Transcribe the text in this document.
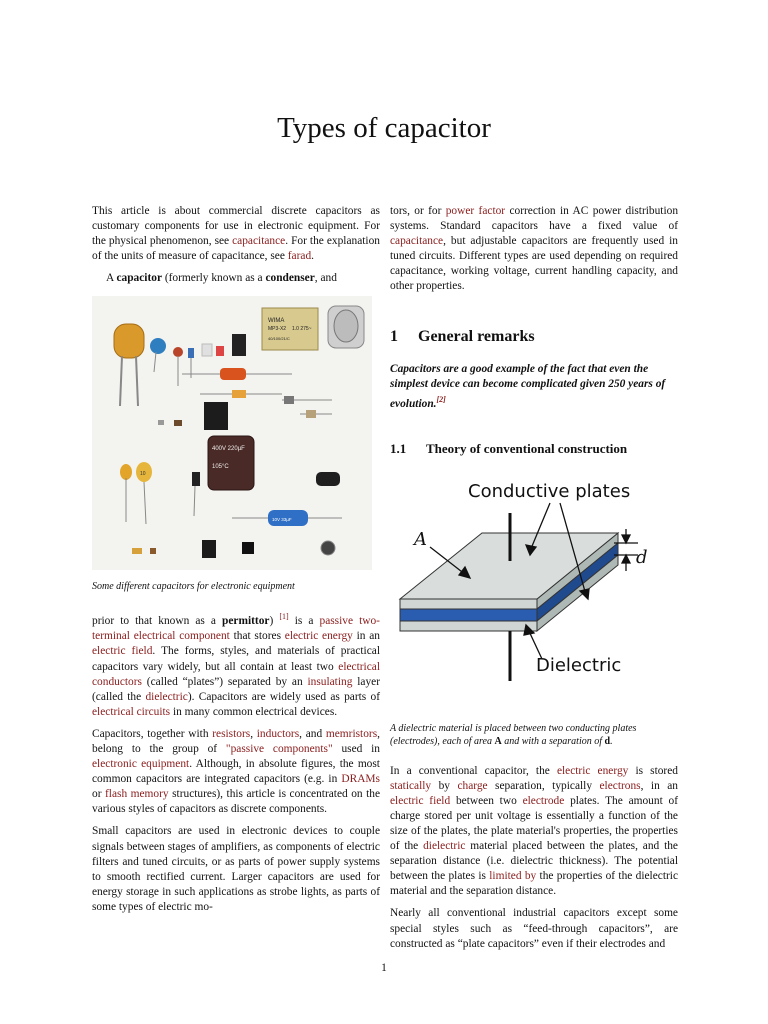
Types of capacitor

This article is about commercial discrete capacitors as customary components for use in electronic equipment. For the physical phenomenon, see capacitance. For the explanation of the units of measure of capacitance, see farad.

A capacitor (formerly known as a condenser, and

WIMA
MP3-X2 1.0 275~
40/100/21/C
400V 220µF
105°C
10
10V 33µF
Some different capacitors for electronic equipment

prior to that known as a permittor) [1] is a passive two-terminal electrical component that stores electric energy in an electric field. The forms, styles, and materials of practical capacitors vary widely, but all contain at least two electrical conductors (called “plates”) separated by an insulating layer (called the dielectric). Capacitors are widely used as parts of electrical circuits in many common electrical devices.

Capacitors, together with resistors, inductors, and memristors, belong to the group of "passive components" used in electronic equipment. Although, in absolute figures, the most common capacitors are integrated capacitors (e.g. in DRAMs or flash memory structures), this article is concentrated on the various styles of capacitors as discrete components.

Small capacitors are used in electronic devices to couple signals between stages of amplifiers, as components of electric filters and tuned circuits, or as parts of power supply systems to smooth rectified current. Larger capacitors are used for energy storage in such applications as strobe lights, as parts of some types of electric mo-

tors, or for power factor correction in AC power distribution systems. Standard capacitors have a fixed value of capacitance, but adjustable capacitors are frequently used in tuned circuits. Different types are used depending on required capacitance, working voltage, current handling capacity, and other properties.

1 General remarks
Capacitors are a good example of the fact that even the simplest device can become complicated given 250 years of evolution.[2]
1.1 Theory of conventional construction
Conductive plates
A
d
Dielectric
A dielectric material is placed between two conducting plates (electrodes), each of area A and with a separation of d.

In a conventional capacitor, the electric energy is stored statically by charge separation, typically electrons, in an electric field between two electrode plates. The amount of charge stored per unit voltage is essentially a function of the size of the plates, the plate material's properties, the properties of the dielectric material placed between the plates, and the separation distance (i.e. dielectric thickness). The potential between the plates is limited by the properties of the dielectric material and the separation distance.

Nearly all conventional industrial capacitors except some special styles such as “feed-through capacitors”, are constructed as “plate capacitors” even if their electrodes and

1
